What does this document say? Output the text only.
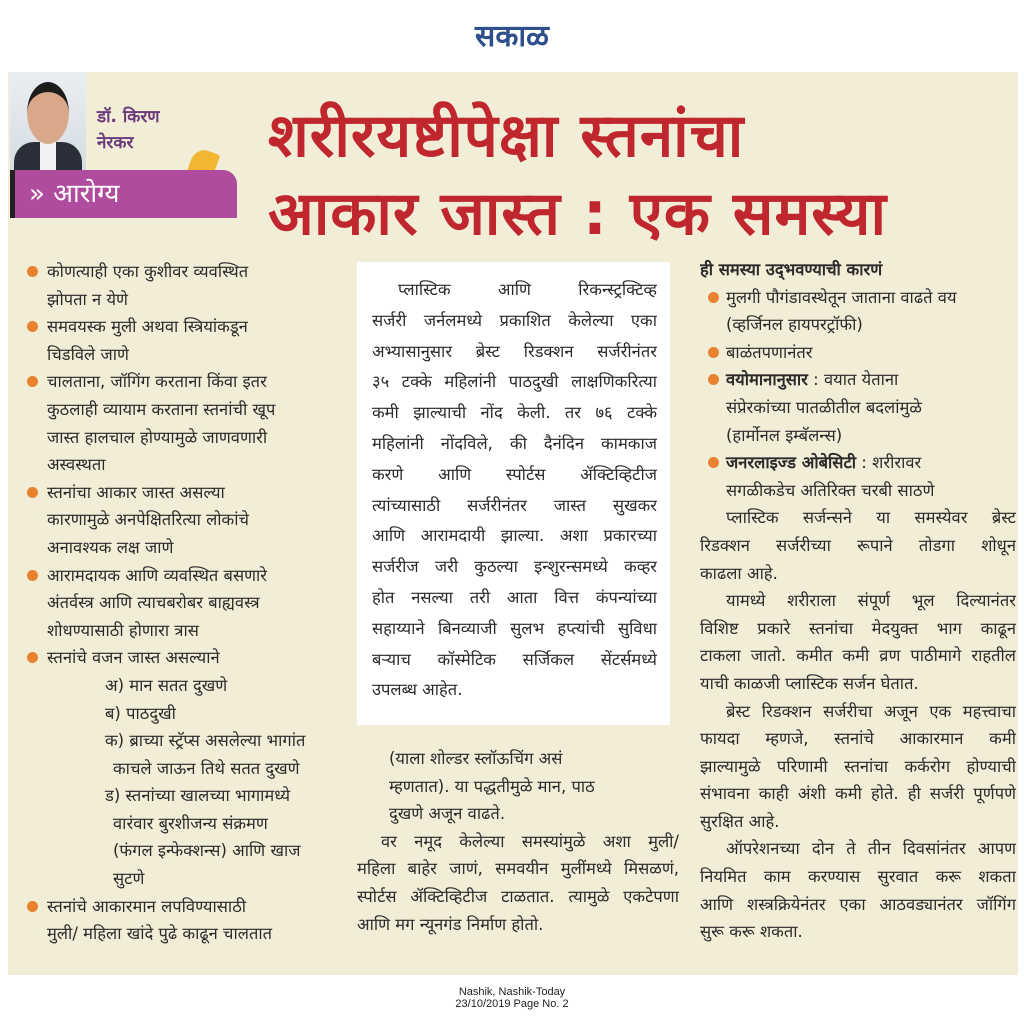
सकाळ
डॉ. किरण
नेरकर
» आरोग्य
शरीरयष्टीपेक्षा स्तनांचा
आकार जास्त : एक समस्या
कोणत्याही एका कुशीवर व्यवस्थित
झोपता न येणे
समवयस्क मुली अथवा स्त्रियांकडून
चिडविले जाणे
चालताना, जॉगिंग करताना किंवा इतर
कुठलाही व्यायाम करताना स्तनांची खूप
जास्त हालचाल होण्यामुळे जाणवणारी
अस्वस्थता
स्तनांचा आकार जास्त असल्या
कारणामुळे अनपेक्षितरित्या लोकांचे
अनावश्यक लक्ष जाणे
आरामदायक आणि व्यवस्थित बसणारे
अंतर्वस्त्र आणि त्याचबरोबर बाह्यवस्त्र
शोधण्यासाठी होणारा त्रास
स्तनांचे वजन जास्त असल्याने
अ) मान सतत दुखणे
ब) पाठदुखी
क) ब्राच्या स्ट्रॅप्स असलेल्या भागांत
काचले जाऊन तिथे सतत दुखणे
ड) स्तनांच्या खालच्या भागामध्ये
वारंवार बुरशीजन्य संक्रमण
(फंगल इन्फेक्शन्स) आणि खाज
सुटणे
स्तनांचे आकारमान लपविण्यासाठी
मुली/ महिला खांदे पुढे काढून चालतात
प्लास्टिक आणि रिकन्स्ट्रक्टिव्ह
सर्जरी जर्नलमध्ये प्रकाशित केलेल्या एका
अभ्यासानुसार ब्रेस्ट रिडक्शन सर्जरीनंतर
३५ टक्के महिलांनी पाठदुखी लाक्षणिकरित्या
कमी झाल्याची नोंद केली. तर ७६ टक्के
महिलांनी नोंदविले, की दैनंदिन कामकाज
करणे आणि स्पोर्टस ॲक्टिव्हिटीज
त्यांच्यासाठी सर्जरीनंतर जास्त सुखकर
आणि आरामदायी झाल्या. अशा प्रकारच्या
सर्जरीज जरी कुठल्या इन्शुरन्समध्ये कव्हर
होत नसल्या तरी आता वित्त कंपन्यांच्या
सहाय्याने बिनव्याजी सुलभ हप्त्यांची सुविधा
बऱ्याच कॉस्मेटिक सर्जिकल सेंटर्समध्ये
उपलब्ध आहेत.
(याला शोल्डर स्लॉऊचिंग असं
म्हणतात). या पद्धतीमुळे मान, पाठ
दुखणे अजून वाढते.
वर नमूद केलेल्या समस्यांमुळे अशा मुली/
महिला बाहेर जाणं, समवयीन मुलींमध्ये मिसळणं,
स्पोर्टस ॲक्टिव्हिटीज टाळतात. त्यामुळे एकटेपणा
आणि मग न्यूनगंड निर्माण होतो.
ही समस्या उद्‌भवण्याची कारणं
मुलगी पौगंडावस्थेतून जाताना वाढते वय
(व्हर्जिनल हायपरट्रॉफी)
बाळंतपणानंतर
वयोमानानुसार : वयात येताना
संप्रेरकांच्या पातळीतील बदलांमुळे
(हार्मोनल इम्बॅलन्स)
जनरलाइज्ड ओबेसिटी : शरीरावर
सगळीकडेच अतिरिक्त चरबी साठणे
प्लास्टिक सर्जन्सने या समस्येवर ब्रेस्ट
रिडक्शन सर्जरीच्या रूपाने तोडगा शोधून
काढला आहे.
यामध्ये शरीराला संपूर्ण भूल दिल्यानंतर
विशिष्ट प्रकारे स्तनांचा मेदयुक्त भाग काढून
टाकला जातो. कमीत कमी व्रण पाठीमागे राहतील
याची काळजी प्लास्टिक सर्जन घेतात.
ब्रेस्ट रिडक्शन सर्जरीचा अजून एक महत्त्वाचा
फायदा म्हणजे, स्तनांचे आकारमान कमी
झाल्यामुळे परिणामी स्तनांचा कर्करोग होण्याची
संभावना काही अंशी कमी होते. ही सर्जरी पूर्णपणे
सुरक्षित आहे.
ऑपरेशनच्या दोन ते तीन दिवसांनंतर आपण
नियमित काम करण्यास सुरवात करू शकता
आणि शस्त्रक्रियेनंतर एका आठवड्यानंतर जॉगिंग
सुरू करू शकता.
Nashik, Nashik-Today
23/10/2019 Page No. 2
